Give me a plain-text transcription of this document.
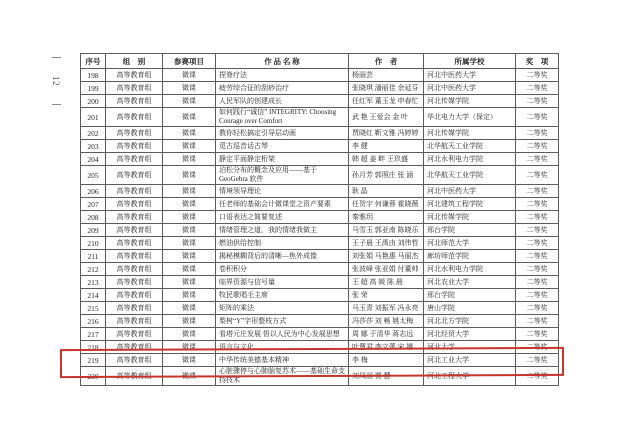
12
序号	组　别	参赛项目	作 品 名 称	作　者	所属学校	奖　项
198	高等教育组	微课	捏脊疗法	杨丽芸	河北中医药大学	二等奖
199	高等教育组	微课	疲劳综合征的刮痧治疗	张晓琪 潘丽佳 余延芬	河北中医药大学	二等奖
200	高等教育组	微课	人民军队的创建成长	任红军 董玉龙 申春忙	河北传媒学院	二等奖
201	高等教育组	微课	如何践行“诚信” INTEGRITY: Choosing Courage over Comfort	武 艳 王爱会 金 叶	华北电力大学（保定）	二等奖
202	高等教育组	微课	教你轻松搞定引导层动画	贾晓红 靳文雅 冯婷婷	河北传媒学院	二等奖
203	高等教育组	微课	觅古巡音话古琴	李 健	北华航天工业学院	二等奖
204	高等教育组	微课	静定平面静定桁架	韩 超 姜 畔 王玖盛	河北水利电力学院	二等奖
205	高等教育组	微课	泊松分布的概念及应用——基于 GeoGebra 软件	孙月芳 郭照庄 张 涵	北华航天工业学院	二等奖
206	高等教育组	微课	情境领导理论	耿 晶	河北中医药大学	二等奖
207	高等教育组	微课	任老师的基础会计微课堂之资产要素	任贺宇 何谦蓉 霍晓薇	河北建筑工程学院	二等奖
208	高等教育组	微课	口语表达之简要复述	秦雅玥	河北传媒学院	二等奖
209	高等教育组	微课	情绪管理之道，我的情绪我做主	马雪玉 郭亚南 陈晓乐	邢台学院	二等奖
210	高等教育组	微课	燃油供给控制	王子晨 王禹由 刘伟哲	河北师范大学	二等奖
211	高等教育组	微课	揭秘模糊背后的清晰—焦外成像	刘张娟 马艳惠 马丽杰	廊坊师范学院	二等奖
212	高等教育组	微课	卷积积分	张波峰 张亚娟 付董帅	河北水利电力学院	二等奖
213	高等教育组	微课	临界资源与信号量	王 超 高 媛 陈 晨	河北农业大学	二等奖
214	高等教育组	微课	牧民歌唱毛主席	张 荣	邢台学院	二等奖
215	高等教育组	微课	矩阵的乘法	马玉青 刘振军 冯永亮	唐山学院	二等奖
216	高等教育组	微课	梨树“Y”字形整枝方式	冯莎莎 刘 畅 姚太梅	河北北方学院	二等奖
217	高等教育组	微课	看塔元庄发展 悟以人民为中心发展思想	周 娜 于清华 蒋志远	河北经贸大学	二等奖
218	高等教育组	微课	语言与文化	叶慧君 李文蕾 宋 娜	河北大学	二等奖
219	高等教育组	微课	中华传统美德基本精神	李 梅	河北工业大学	二等奖
220	高等教育组	微课	心脏骤停与心肺脑复苏术——基础生命支持技术	刘凤丽 贾 慧	河北工程大学	二等奖
